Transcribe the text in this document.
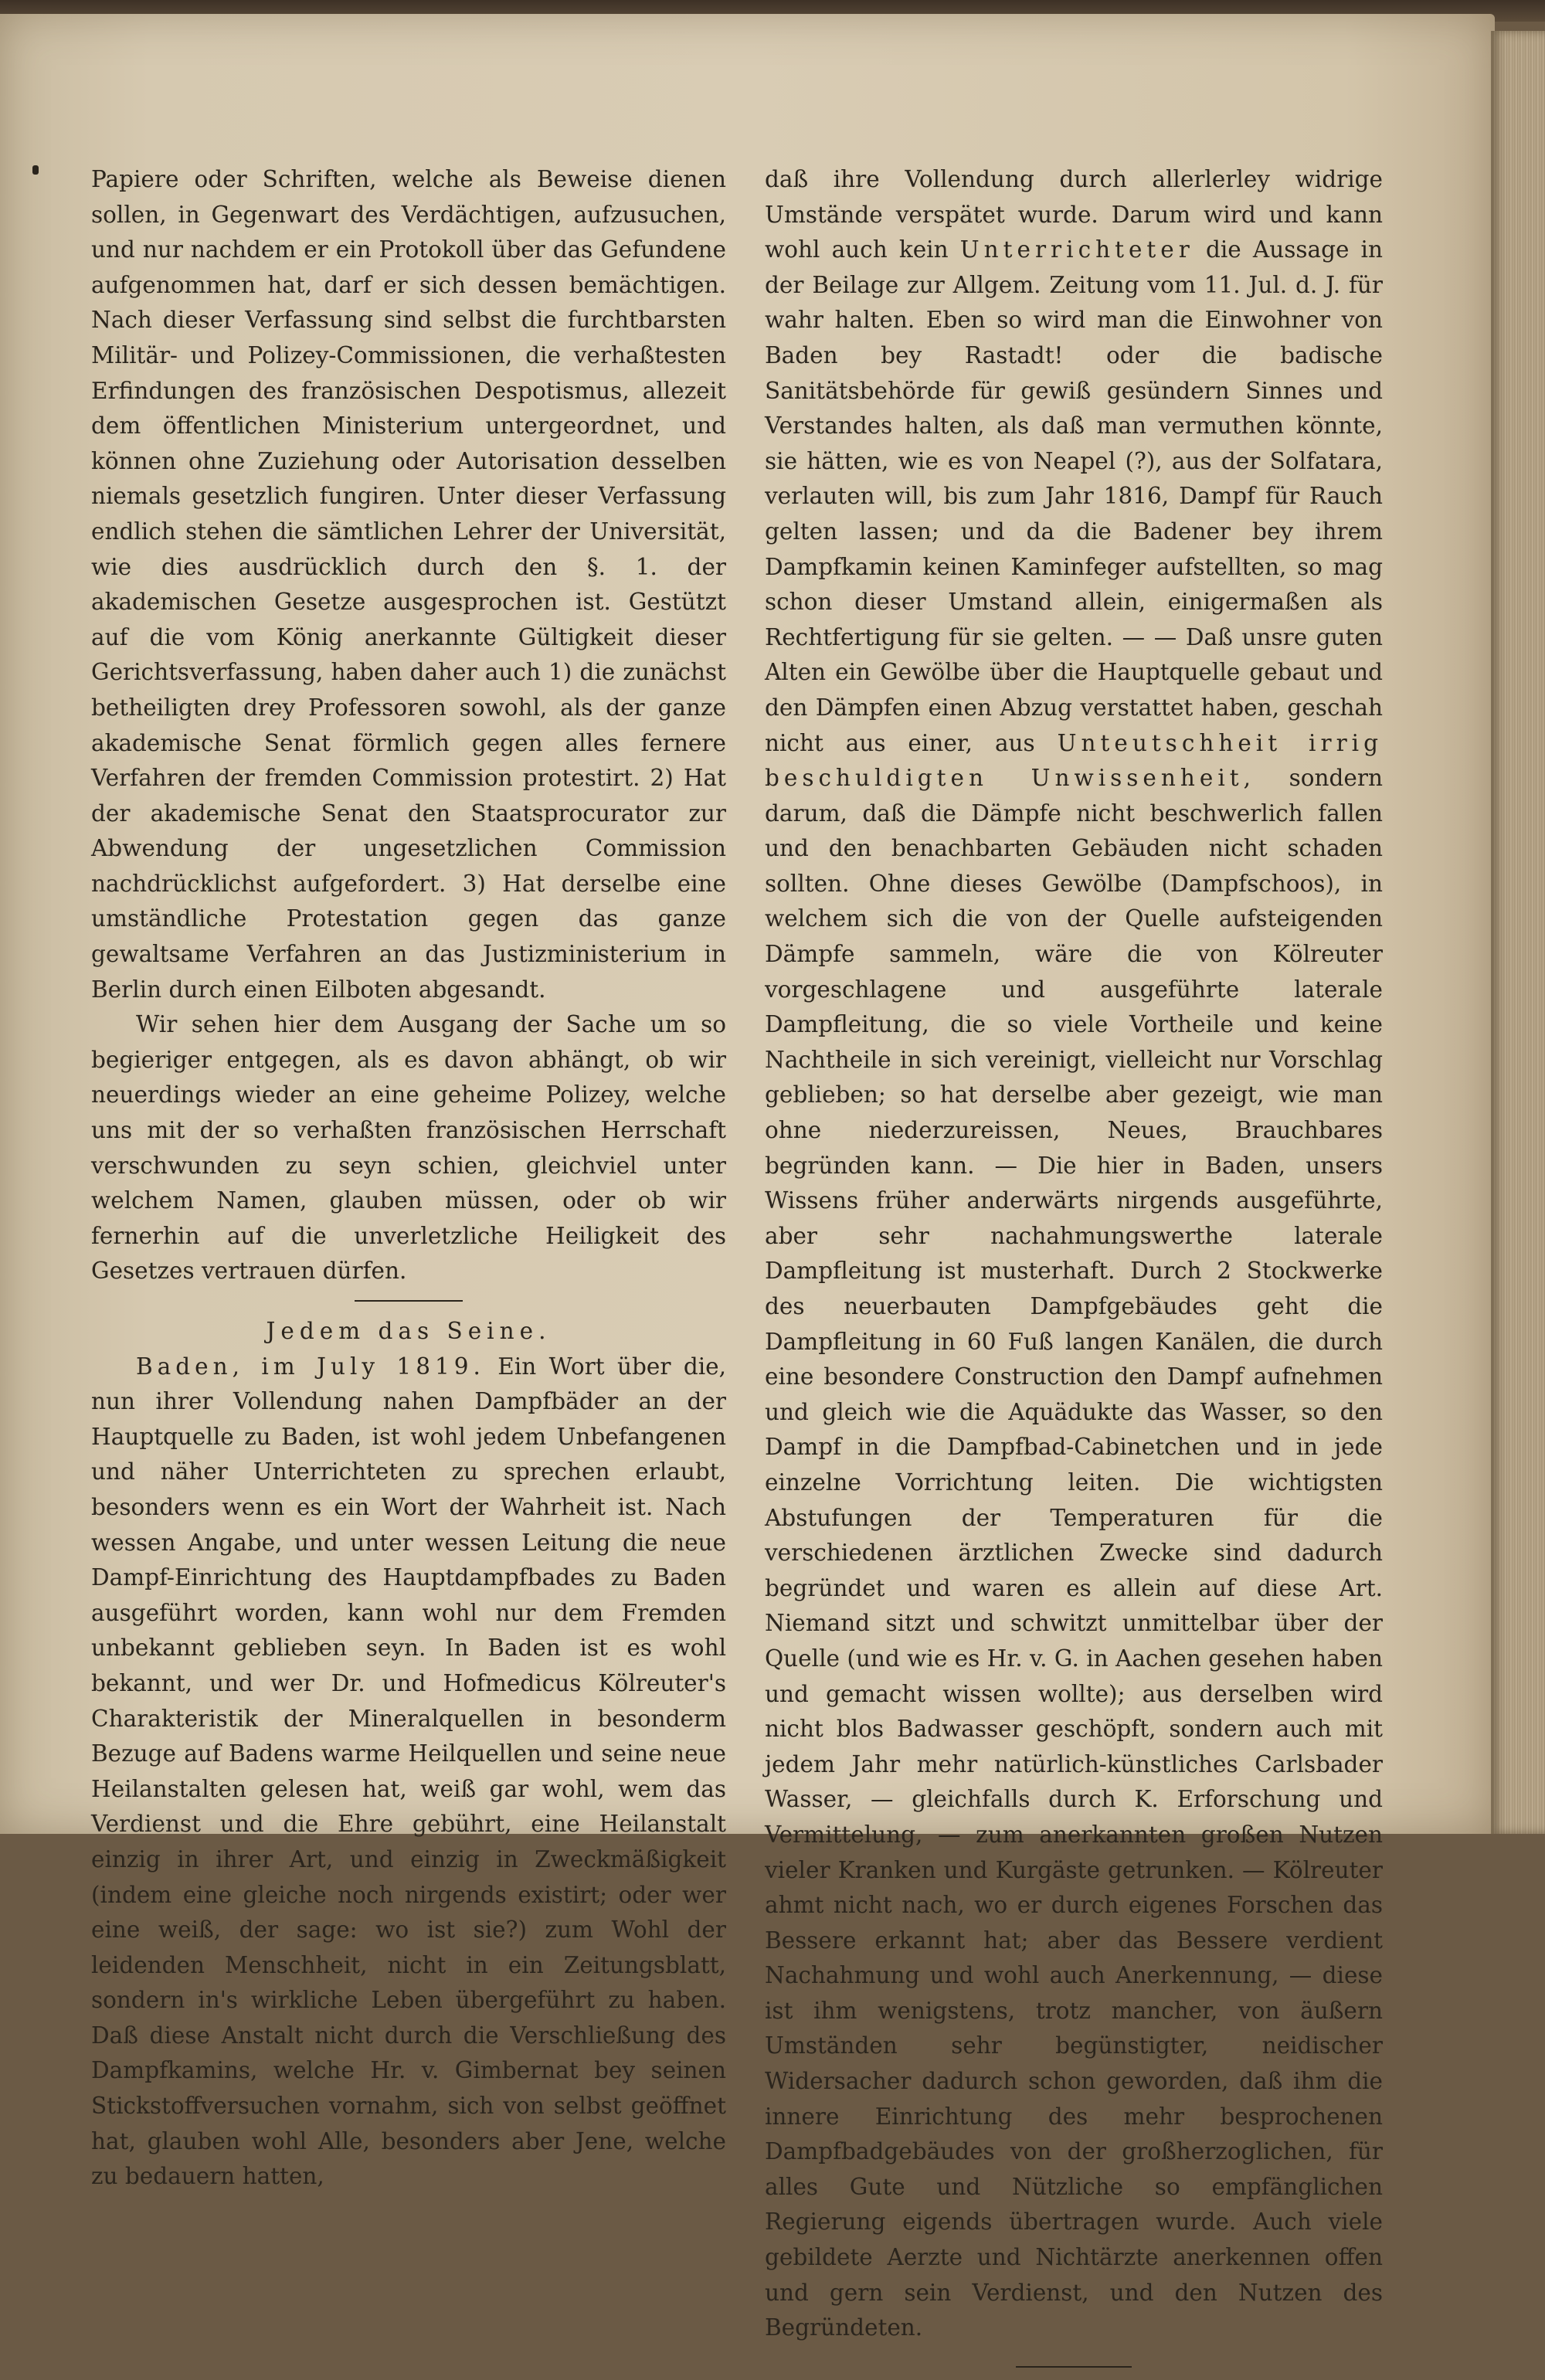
Papiere oder Schriften, welche als Beweise dienen sollen, in Gegenwart des Verdächtigen, aufzusuchen, und nur nachdem er ein Protokoll über das Gefundene aufgenommen hat, darf er sich dessen bemächtigen. Nach dieser Verfassung sind selbst die furchtbarsten Militär- und Polizey-Commissionen, die verhaßtesten Erfindungen des französischen Despotismus, allezeit dem öffentlichen Ministerium untergeordnet, und können ohne Zuziehung oder Autorisation desselben niemals gesetzlich fungiren. Unter dieser Verfassung endlich stehen die sämtlichen Lehrer der Universität, wie dies ausdrücklich durch den §. 1. der akademischen Gesetze ausgesprochen ist. Gestützt auf die vom König anerkannte Gültigkeit dieser Gerichtsverfassung, haben daher auch 1) die zunächst betheiligten drey Professoren sowohl, als der ganze akademische Senat förmlich gegen alles fernere Verfahren der fremden Commission protestirt. 2) Hat der akademische Senat den Staatsprocurator zur Abwendung der ungesetzlichen Commission nachdrücklichst aufgefordert. 3) Hat derselbe eine umständliche Protestation gegen das ganze gewaltsame Verfahren an das Justizministerium in Berlin durch einen Eilboten abgesandt.

Wir sehen hier dem Ausgang der Sache um so begieriger entgegen, als es davon abhängt, ob wir neuerdings wieder an eine geheime Polizey, welche uns mit der so verhaßten französischen Herrschaft verschwunden zu seyn schien, gleichviel unter welchem Namen, glauben müssen, oder ob wir fernerhin auf die unverletzliche Heiligkeit des Gesetzes vertrauen dürfen.

Jedem das Seine.

Baden, im July 1819. Ein Wort über die, nun ihrer Vollendung nahen Dampfbäder an der Hauptquelle zu Baden, ist wohl jedem Unbefangenen und näher Unterrichteten zu sprechen erlaubt, besonders wenn es ein Wort der Wahrheit ist. Nach wessen Angabe, und unter wessen Leitung die neue Dampf-Einrichtung des Hauptdampfbades zu Baden ausgeführt worden, kann wohl nur dem Fremden unbekannt geblieben seyn. In Baden ist es wohl bekannt, und wer Dr. und Hofmedicus Kölreuter's Charakteristik der Mineralquellen in besonderm Bezuge auf Badens warme Heilquellen und seine neue Heilanstalten gelesen hat, weiß gar wohl, wem das Verdienst und die Ehre gebührt, eine Heilanstalt einzig in ihrer Art, und einzig in Zweckmäßigkeit (indem eine gleiche noch nirgends existirt; oder wer eine weiß, der sage: wo ist sie?) zum Wohl der leidenden Menschheit, nicht in ein Zeitungsblatt, sondern in's wirkliche Leben übergeführt zu haben. Daß diese Anstalt nicht durch die Verschließung des Dampfkamins, welche Hr. v. Gimbernat bey seinen Stickstoffversuchen vornahm, sich von selbst geöffnet hat, glauben wohl Alle, besonders aber Jene, welche zu bedauern hatten,

daß ihre Vollendung durch allerlerley widrige Umstände verspätet wurde. Darum wird und kann wohl auch kein Unterrichteter die Aussage in der Beilage zur Allgem. Zeitung vom 11. Jul. d. J. für wahr halten. Eben so wird man die Einwohner von Baden bey Rastadt! oder die badische Sanitätsbehörde für gewiß gesündern Sinnes und Verstandes halten, als daß man vermuthen könnte, sie hätten, wie es von Neapel (?), aus der Solfatara, verlauten will, bis zum Jahr 1816, Dampf für Rauch gelten lassen; und da die Badener bey ihrem Dampfkamin keinen Kaminfeger aufstellten, so mag schon dieser Umstand allein, einigermaßen als Rechtfertigung für sie gelten. — — Daß unsre guten Alten ein Gewölbe über die Hauptquelle gebaut und den Dämpfen einen Abzug verstattet haben, geschah nicht aus einer, aus Unteutschheit irrig beschuldigten Unwissenheit, sondern darum, daß die Dämpfe nicht beschwerlich fallen und den benachbarten Gebäuden nicht schaden sollten. Ohne dieses Gewölbe (Dampfschoos), in welchem sich die von der Quelle aufsteigenden Dämpfe sammeln, wäre die von Kölreuter vorgeschlagene und ausgeführte laterale Dampfleitung, die so viele Vortheile und keine Nachtheile in sich vereinigt, vielleicht nur Vorschlag geblieben; so hat derselbe aber gezeigt, wie man ohne niederzureissen, Neues, Brauchbares begründen kann. — Die hier in Baden, unsers Wissens früher anderwärts nirgends ausgeführte, aber sehr nachahmungswerthe laterale Dampfleitung ist musterhaft. Durch 2 Stockwerke des neuerbauten Dampfgebäudes geht die Dampfleitung in 60 Fuß langen Kanälen, die durch eine besondere Construction den Dampf aufnehmen und gleich wie die Aquädukte das Wasser, so den Dampf in die Dampfbad-Cabinetchen und in jede einzelne Vorrichtung leiten. Die wichtigsten Abstufungen der Temperaturen für die verschiedenen ärztlichen Zwecke sind dadurch begründet und waren es allein auf diese Art. Niemand sitzt und schwitzt unmittelbar über der Quelle (und wie es Hr. v. G. in Aachen gesehen haben und gemacht wissen wollte); aus derselben wird nicht blos Badwasser geschöpft, sondern auch mit jedem Jahr mehr natürlich-künstliches Carlsbader Wasser, — gleichfalls durch K. Erforschung und Vermittelung, — zum anerkannten großen Nutzen vieler Kranken und Kurgäste getrunken. — Kölreuter ahmt nicht nach, wo er durch eigenes Forschen das Bessere erkannt hat; aber das Bessere verdient Nachahmung und wohl auch Anerkennung, — diese ist ihm wenigstens, trotz mancher, von äußern Umständen sehr begünstigter, neidischer Widersacher dadurch schon geworden, daß ihm die innere Einrichtung des mehr besprochenen Dampfbadgebäudes von der großherzoglichen, für alles Gute und Nützliche so empfänglichen Regierung eigends übertragen wurde. Auch viele gebildete Aerzte und Nichtärzte anerkennen offen und gern sein Verdienst, und den Nutzen des Begründeten.
